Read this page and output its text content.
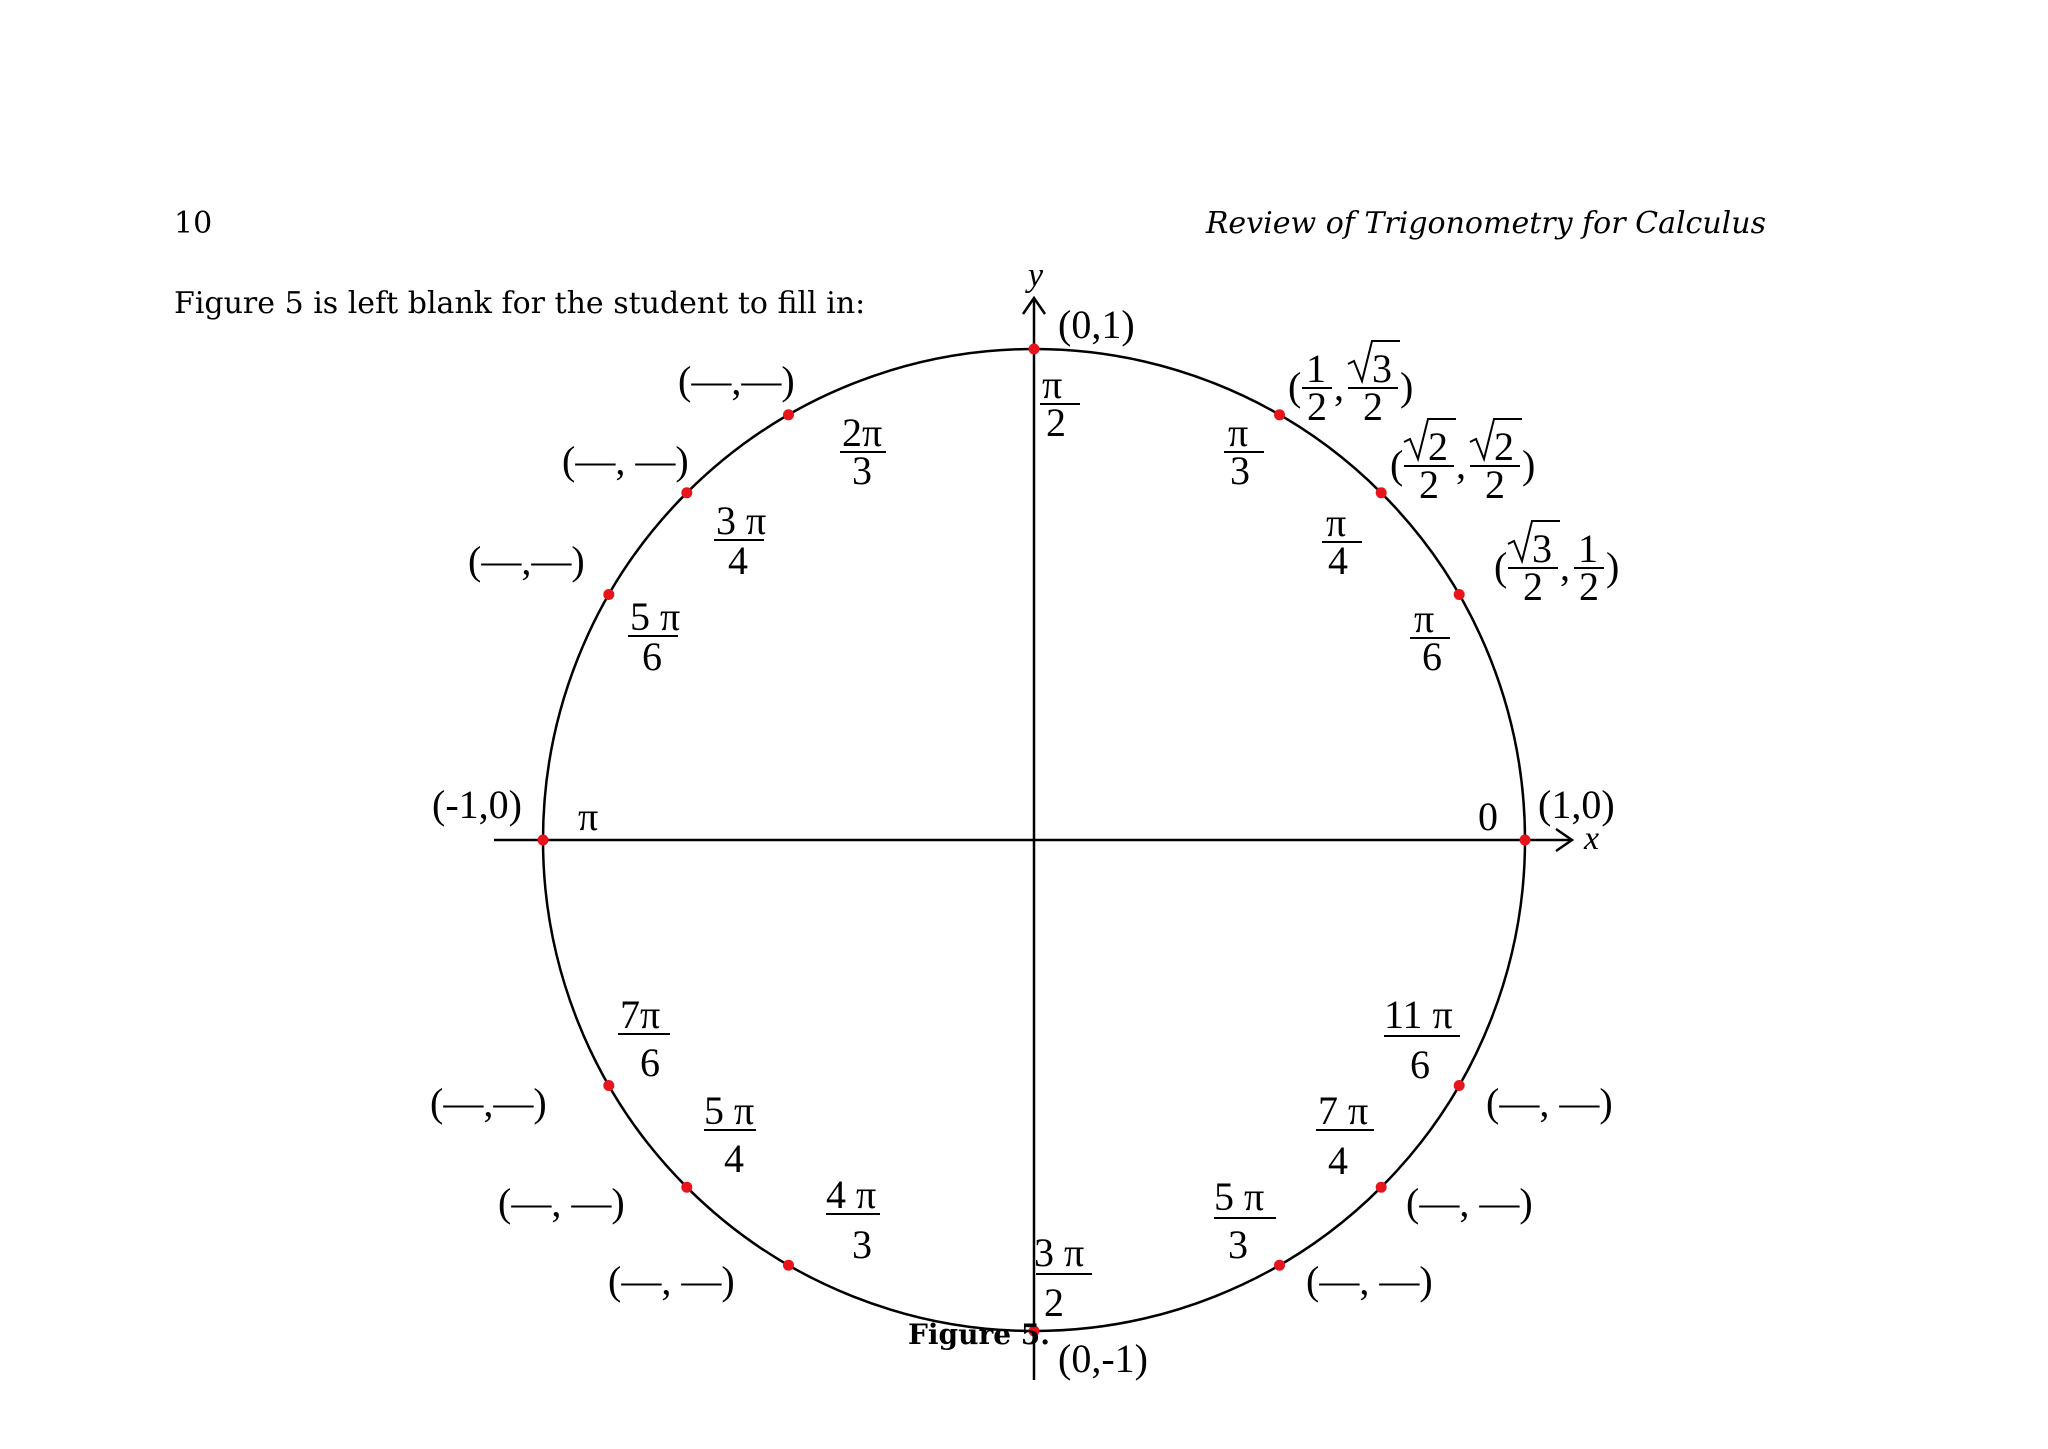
10	Review of Trigonometry for Calculus
Figure 5 is left blank for the student to fill in:
x
y
(0,1)
(1,0)
(-1,0)
(0,-1)
0
π
π
2	π
3
π
4
π
6
2π
3
3 π
4
5 π
6
7π
6
5 π
4
4 π
3	3 π
2
5 π
3
7 π
4
11 π
6
(—,—)
(—, —)
(—,—)
(—,—)
(—, —)
(—, —)	(—, —)
(—, —)
(—, —)
( 1
2 , 3
2 )
( 2
2 , 2
2 )
( 3
2 , 1
2 )
Figure 5.
